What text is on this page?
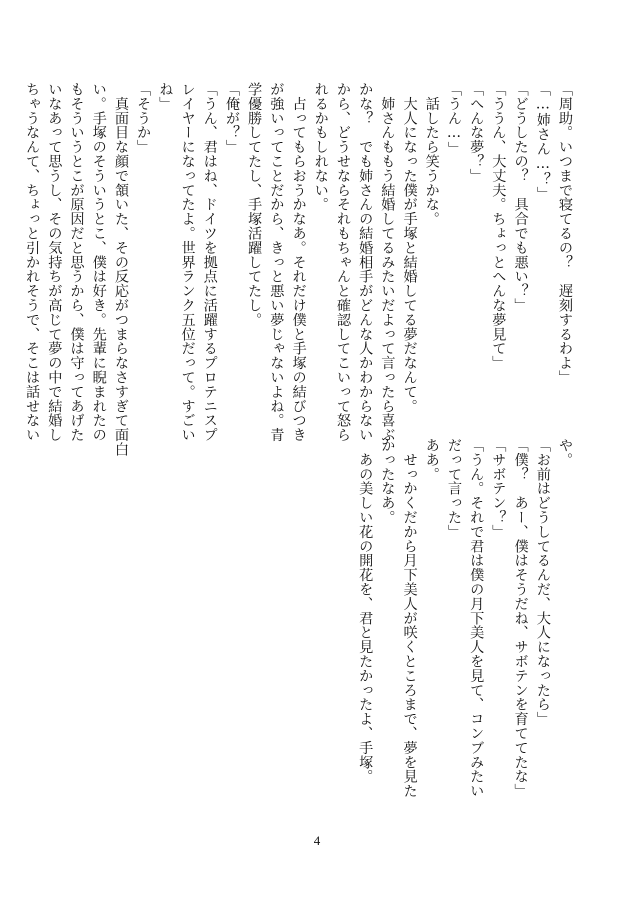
「周助。いつまで寝てるの？　遅刻するわよ」
「…姉さん…？」
「どうしたの？　具合でも悪い？」
「ううん、大丈夫。ちょっとへんな夢見て」
「へんな夢？」
「うん…」
　話したら笑うかな。
　大人になった僕が手塚と結婚してる夢だなんて。
　姉さんももう結婚してるみたいだよって言ったら喜ぶ
かな？　でも姉さんの結婚相手がどんな人かわからない
から、どうせならそれもちゃんと確認してこいって怒ら
れるかもしれない。
　占ってもらおうかなあ。それだけ僕と手塚の結びつき
が強いってことだから、きっと悪い夢じゃないよね。青
学優勝してたし、手塚活躍してたし。
「俺が？」
「うん、君はね、ドイツを拠点に活躍するプロテニスプ
レイヤーになってたよ。世界ランク五位だって。すごい
ね」
「そうか」
　真面目な顔で頷いた、その反応がつまらなさすぎて面白
い。手塚のそういうとこ、僕は好き。先輩に睨まれたの
もそういうとこが原因だと思うから、僕は守ってあげた
いなあって思うし、その気持ちが高じて夢の中で結婚し
ちゃうなんて、ちょっと引かれそうで、そこは話せない
や。
「お前はどうしてるんだ、大人になったら」
「僕？　あー、僕はそうだね、サボテンを育ててたな」
「サボテン？」
「うん。それで君は僕の月下美人を見て、コンブみたい
だって言った」
ああ。
　せっかくだから月下美人が咲くところまで、夢を見た
かったなあ。
　あの美しい花の開花を、君と見たかったよ、手塚。
4
